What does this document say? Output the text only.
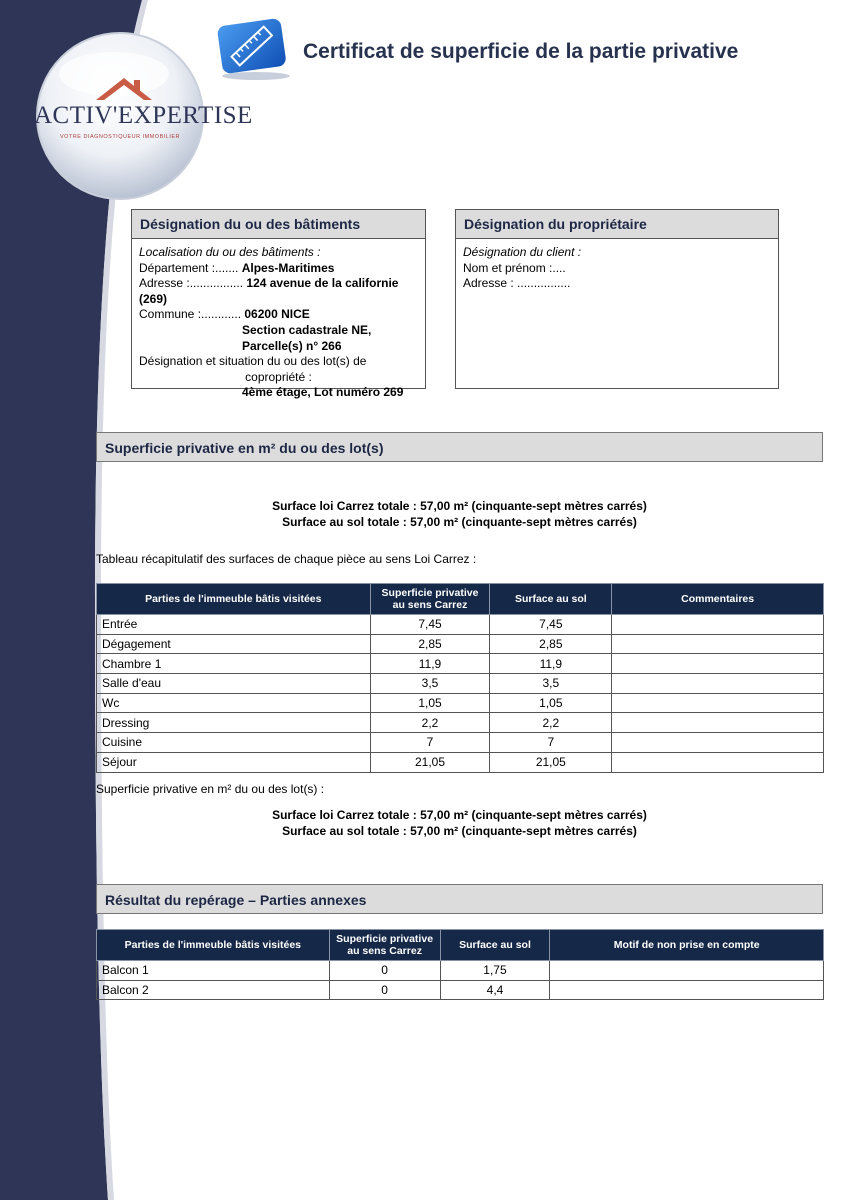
ACTIV'EXPERTISE
VOTRE DIAGNOSTIQUEUR IMMOBILIER
Certificat de superficie de la partie privative
Désignation du ou des bâtiments
Localisation du ou des bâtiments :
Département :....... Alpes-Maritimes
Adresse :................ 124 avenue de la californie (269)
Commune :............ 06200 NICE
Section cadastrale NE,
Parcelle(s) n° 266
Désignation et situation du ou des lot(s) de
copropriété :
4ème étage, Lot numéro 269
Désignation du propriétaire
Désignation du client :
Nom et prénom :....
Adresse : ................
Superficie privative en m² du ou des lot(s)
Surface loi Carrez totale : 57,00 m² (cinquante-sept mètres carrés)
Surface au sol totale : 57,00 m² (cinquante-sept mètres carrés)
Tableau récapitulatif des surfaces de chaque pièce au sens Loi Carrez :
Parties de l'immeuble bâtis visitées	Superficie privative au sens Carrez	Surface au sol	Commentaires
Entrée	7,45	7,45	
Dégagement	2,85	2,85	
Chambre 1	11,9	11,9	
Salle d'eau	3,5	3,5	
Wc	1,05	1,05	
Dressing	2,2	2,2	
Cuisine	7	7	
Séjour	21,05	21,05	
Superficie privative en m² du ou des lot(s) :
Surface loi Carrez totale : 57,00 m² (cinquante-sept mètres carrés)
Surface au sol totale : 57,00 m² (cinquante-sept mètres carrés)
Résultat du repérage – Parties annexes
Parties de l'immeuble bâtis visitées	Superficie privative au sens Carrez	Surface au sol	Motif de non prise en compte
Balcon 1	0	1,75	
Balcon 2	0	4,4	
